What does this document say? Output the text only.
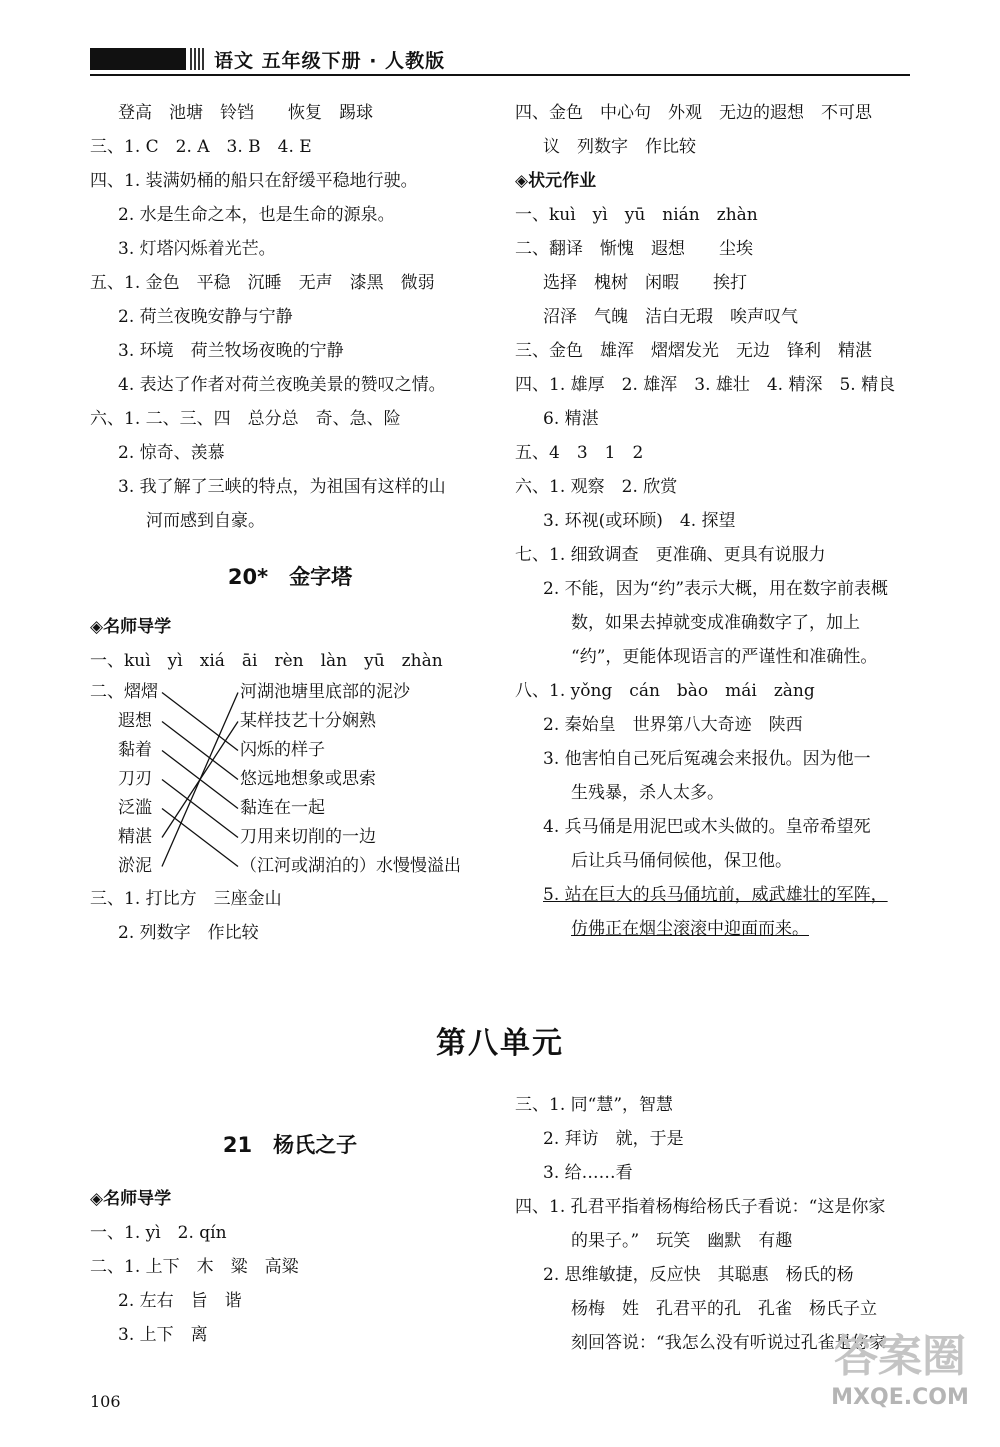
语文 五年级下册 · 人教版
登高　池塘　铃铛　　恢复　踢球
三、1. C　2. A　3. B　4. E
四、1. 装满奶桶的船只在舒缓平稳地行驶。
2. 水是生命之本，也是生命的源泉。
3. 灯塔闪烁着光芒。
五、1. 金色　平稳　沉睡　无声　漆黑　微弱
2. 荷兰夜晚安静与宁静
3. 环境　荷兰牧场夜晚的宁静
4. 表达了作者对荷兰夜晚美景的赞叹之情。
六、1. 二、三、四　总分总　奇、急、险
2. 惊奇、羡慕
3. 我了解了三峡的特点，为祖国有这样的山
河而感到自豪。
20*　金字塔
◈名师导学
一、kuì　yì　xiá　āi　rèn　làn　yū　zhàn
二、熠熠
遐想
黏着
刀刃
泛滥
精湛
淤泥
河湖池塘里底部的泥沙
某样技艺十分娴熟
闪烁的样子
悠远地想象或思索
黏连在一起
刀用来切削的一边
（江河或湖泊的）水慢慢溢出
三、1. 打比方　三座金山
2. 列数字　作比较
四、金色　中心句　外观　无边的遐想　不可思
议　列数字　作比较
◈状元作业
一、kuì　yì　yū　nián　zhàn
二、翻译　惭愧　遐想　　尘埃
选择　槐树　闲暇　　挨打
沼泽　气魄　洁白无瑕　唉声叹气
三、金色　雄浑　熠熠发光　无边　锋利　精湛
四、1. 雄厚　2. 雄浑　3. 雄壮　4. 精深　5. 精良
6. 精湛
五、4　3　1　2
六、1. 观察　2. 欣赏
3. 环视(或环顾)　4. 探望
七、1. 细致调查　更准确、更具有说服力
2. 不能，因为“约”表示大概，用在数字前表概
数，如果去掉就变成准确数字了，加上
“约”，更能体现语言的严谨性和准确性。
八、1. yǒng　cán　bào　mái　zàng
2. 秦始皇　世界第八大奇迹　陕西
3. 他害怕自己死后冤魂会来报仇。因为他一
生残暴，杀人太多。
4. 兵马俑是用泥巴或木头做的。皇帝希望死
后让兵马俑伺候他，保卫他。
5. 站在巨大的兵马俑坑前，威武雄壮的军阵，
仿佛正在烟尘滚滚中迎面而来。
第八单元
21　杨氏之子
◈名师导学
一、1. yì　2. qín
二、1. 上下　木　粱　高粱
2. 左右　旨　谐
3. 上下　离
三、1. 同“慧”，智慧
2. 拜访　就，于是
3. 给……看
四、1. 孔君平指着杨梅给杨氏子看说：“这是你家
的果子。”　玩笑　幽默　有趣
2. 思维敏捷，反应快　其聪惠　杨氏的杨
杨梅　姓　孔君平的孔　孔雀　杨氏子立
刻回答说：“我怎么没有听说过孔雀是您家
106
答案圈
MXQE.COM
